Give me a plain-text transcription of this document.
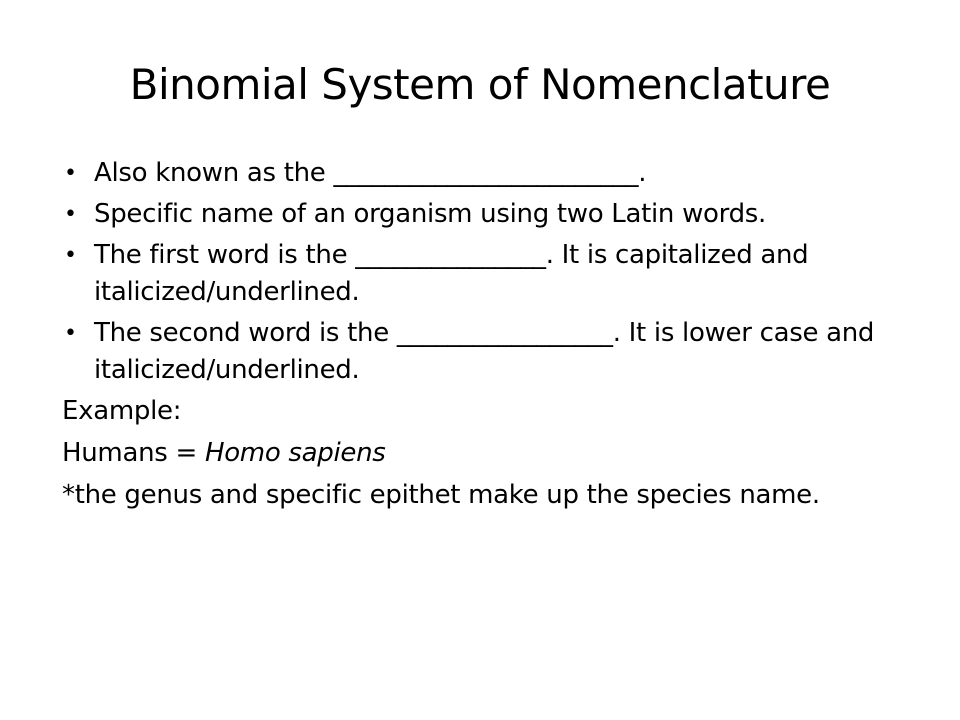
Binomial System of Nomenclature
• Also known as the ________________________.
• Specific name of an organism using two Latin words.
• The first word is the _______________. It is capitalized and italicized/underlined.
• The second word is the _________________. It is lower case and italicized/underlined.

Example:

Humans = Homo sapiens

*the genus and specific epithet make up the species name.
